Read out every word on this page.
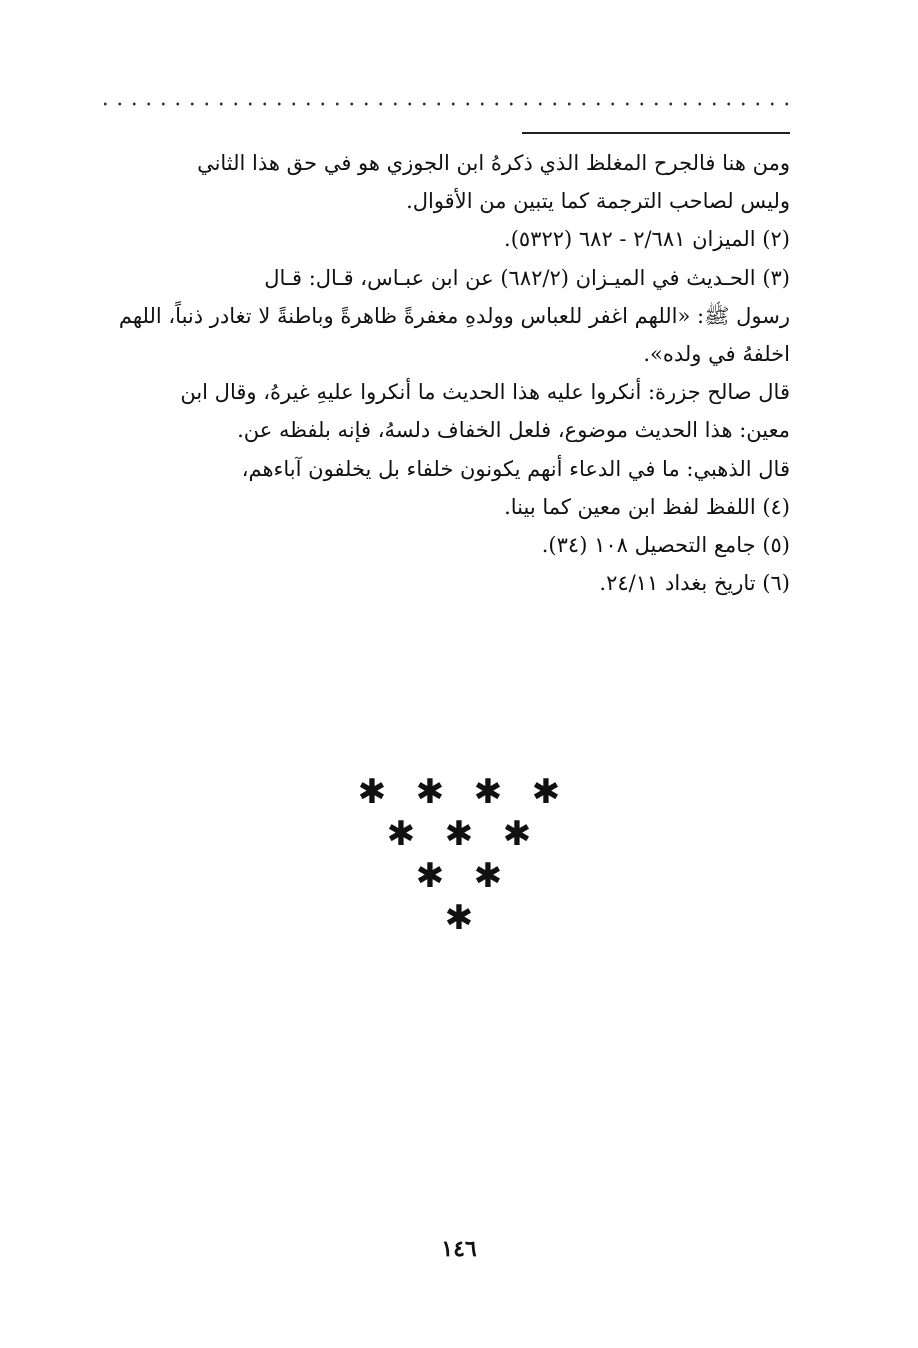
ومن هنا فالجرح المغلظ الذي ذكرهُ ابن الجوزي هو في حق هذا الثاني

وليس لصاحب الترجمة كما يتبين من الأقوال.

(٢) الميزان ٢/٦٨١ - ٦٨٢ (٥٣٢٢).

(٣) الحـديث في الميـزان (٦٨٢/٢) عن ابن عبـاس، قـال: قـال

رسول ﷺ: «اللهم اغفر للعباس وولدهِ مغفرةً ظاهرةً وباطنةً لا تغادر ذنباً، اللهم

اخلفهُ في ولده».

قال صالح جزرة: أنكروا عليه هذا الحديث ما أنكروا عليهِ غيرهُ، وقال ابن

معين: هذا الحديث موضوع، فلعل الخفاف دلسهُ، فإنه بلفظه عن.

قال الذهبي: ما في الدعاء أنهم يكونون خلفاء بل يخلفون آباءهم،

(٤) اللفظ لفظ ابن معين كما بينا.

(٥) جامع التحصيل ١٠٨ (٣٤).

(٦) تاريخ بغداد ٢٤/١١.

✱ ✱ ✱ ✱
✱ ✱ ✱
✱ ✱
✱
١٤٦
